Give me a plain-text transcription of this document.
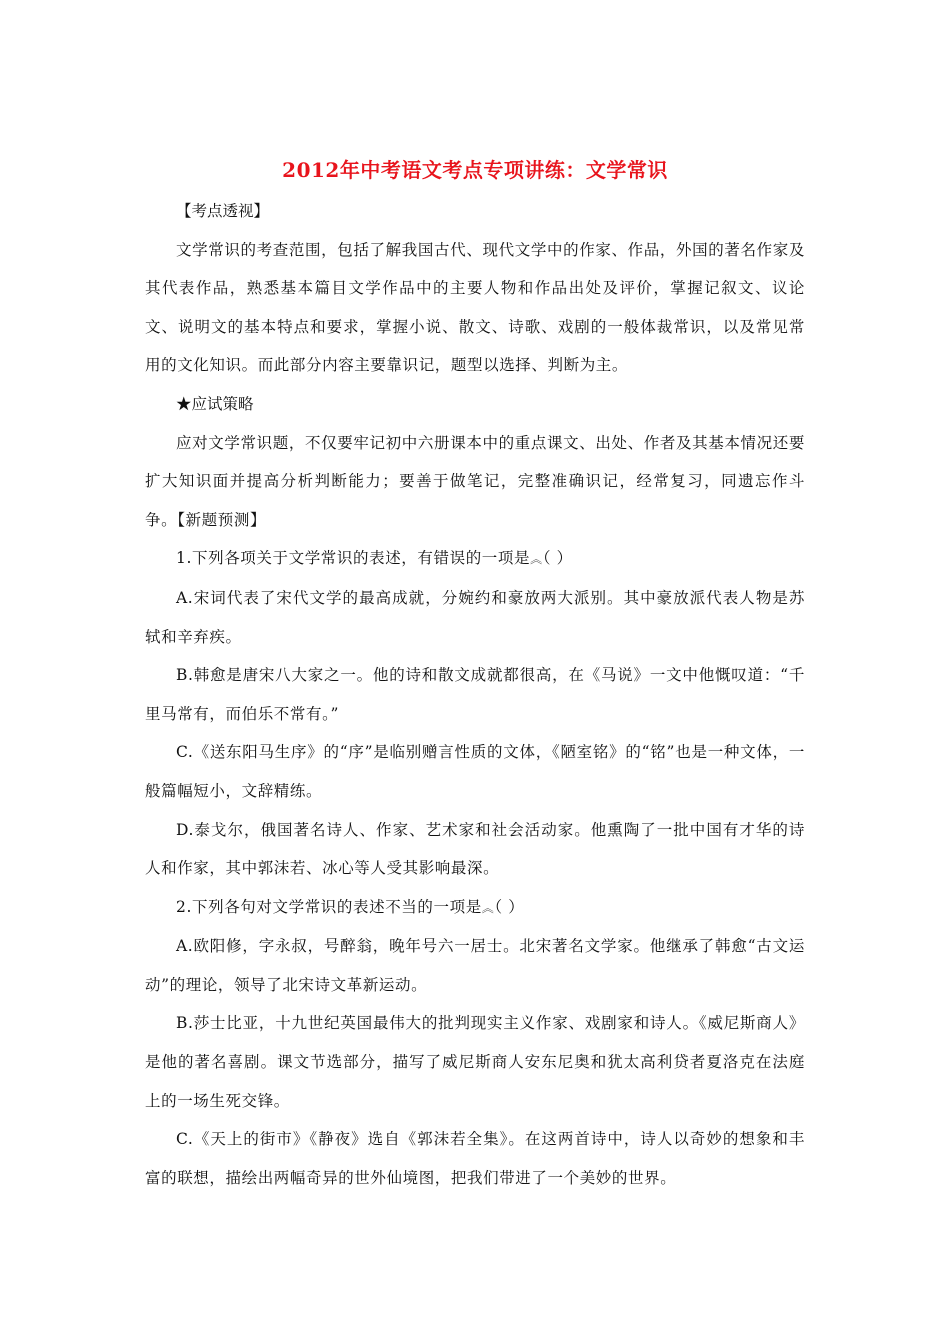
2012年中考语文考点专项讲练：文学常识
【考点透视】

文学常识的考查范围，包括了解我国古代、现代文学中的作家、作品，外国的著名作家及其代表作品，熟悉基本篇目文学作品中的主要人物和作品出处及评价，掌握记叙文、议论文、说明文的基本特点和要求，掌握小说、散文、诗歌、戏剧的一般体裁常识，以及常见常用的文化知识。而此部分内容主要靠识记，题型以选择、判断为主。

★应试策略

应对文学常识题，不仅要牢记初中六册课本中的重点课文、出处、作者及其基本情况还要扩大知识面并提高分析判断能力；要善于做笔记，完整准确识记，经常复习，同遗忘作斗争。【新题预测】

1.下列各项关于文学常识的表述，有错误的一项是︽（ ）

A.宋词代表了宋代文学的最高成就，分婉约和豪放两大派别。其中豪放派代表人物是苏轼和辛弃疾。

B.韩愈是唐宋八大家之一。他的诗和散文成就都很高，在《马说》一文中他慨叹道：“千里马常有，而伯乐不常有。”

C.《送东阳马生序》的“序”是临别赠言性质的文体，《陋室铭》的“铭”也是一种文体，一般篇幅短小，文辞精练。

D.泰戈尔，俄国著名诗人、作家、艺术家和社会活动家。他熏陶了一批中国有才华的诗人和作家，其中郭沫若、冰心等人受其影响最深。

2.下列各句对文学常识的表述不当的一项是︽（ ）

A.欧阳修，字永叔，号醉翁，晚年号六一居士。北宋著名文学家。他继承了韩愈“古文运动”的理论，领导了北宋诗文革新运动。

B.莎士比亚，十九世纪英国最伟大的批判现实主义作家、戏剧家和诗人。《威尼斯商人》是他的著名喜剧。课文节选部分，描写了威尼斯商人安东尼奥和犹太高利贷者夏洛克在法庭上的一场生死交锋。

C.《天上的街市》《静夜》选自《郭沫若全集》。在这两首诗中，诗人以奇妙的想象和丰富的联想，描绘出两幅奇异的世外仙境图，把我们带进了一个美妙的世界。
